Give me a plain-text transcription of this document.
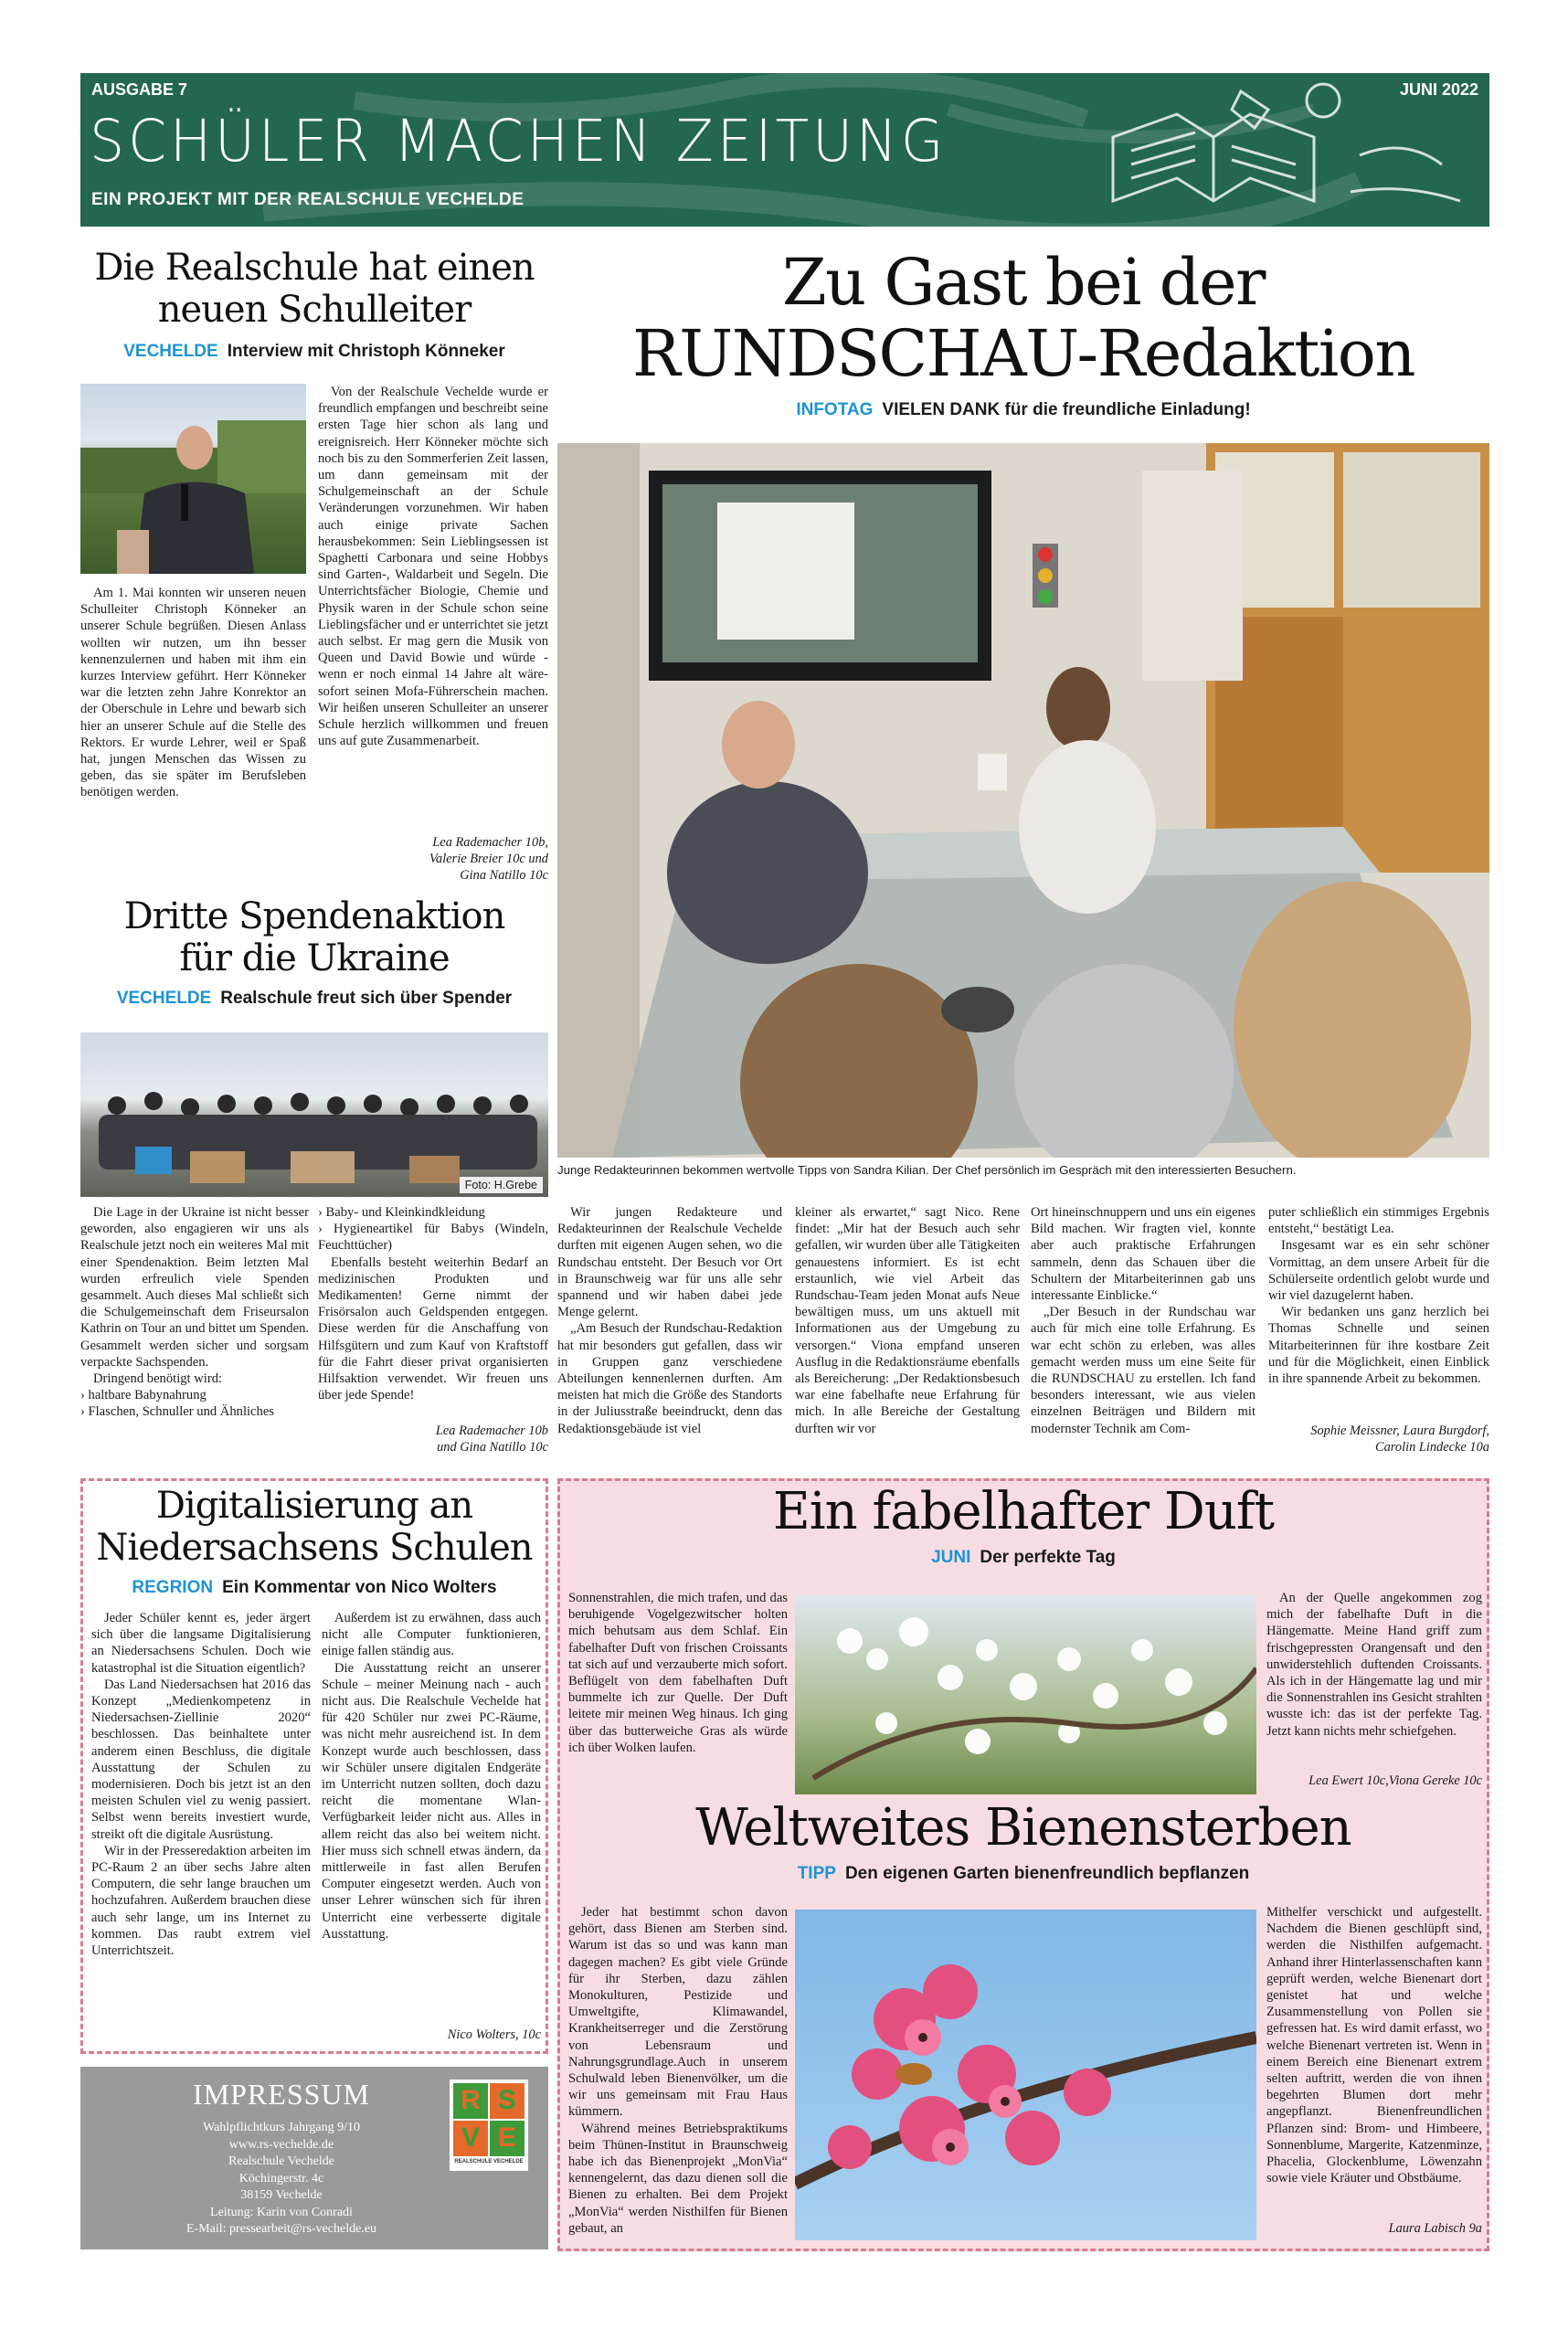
AUSGABE 7	JUNI 2022
SCHÜLER MACHEN ZEITUNG
EIN PROJEKT MIT DER REALSCHULE VECHELDE
Die Realschule hat einen
neuen Schulleiter
VECHELDE Interview mit Christoph Könneker

Am 1. Mai konnten wir unseren neuen Schulleiter Christoph Könneker an unserer Schule begrüßen. Diesen Anlass wollten wir nutzen, um ihn besser kennenzulernen und haben mit ihm ein kurzes Interview geführt. Herr Könneker war die letzten zehn Jahre Konrektor an der Oberschule in Lehre und bewarb sich hier an unserer Schule auf die Stelle des Rektors. Er wurde Lehrer, weil er Spaß hat, jungen Menschen das Wissen zu geben, das sie später im Berufsleben benötigen werden.

Von der Realschule Vechelde wurde er freundlich empfangen und beschreibt seine ersten Tage hier schon als lang und ereignisreich. Herr Könneker möchte sich noch bis zu den Sommerferien Zeit lassen, um dann gemeinsam mit der Schulgemeinschaft an der Schule Veränderungen vorzunehmen. Wir haben auch einige private Sachen herausbekommen: Sein Lieblingsessen ist Spaghetti Carbonara und seine Hobbys sind Garten-, Waldarbeit und Segeln. Die Unterrichtsfächer Biologie, Chemie und Physik waren in der Schule schon seine Lieblingsfächer und er unterrichtet sie jetzt auch selbst. Er mag gern die Musik von Queen und David Bowie und würde - wenn er noch einmal 14 Jahre alt wäre- sofort seinen Mofa-Führerschein machen. Wir heißen unseren Schulleiter an unserer Schule herzlich willkommen und freuen uns auf gute Zusammenarbeit.

Lea Rademacher 10b,
Valerie Breier 10c und
Gina Natillo 10c
Dritte Spendenaktion
für die Ukraine
VECHELDE Realschule freut sich über Spender
Foto: H.Grebe

Die Lage in der Ukraine ist nicht besser geworden, also engagieren wir uns als Realschule jetzt noch ein weiteres Mal mit einer Spendenaktion. Beim letzten Mal wurden erfreulich viele Spenden gesammelt. Auch dieses Mal schließt sich die Schulgemeinschaft dem Friseursalon Kathrin on Tour an und bittet um Spenden. Gesammelt werden sicher und sorgsam verpackte Sachspenden.

Dringend benötigt wird:

› haltbare Babynahrung
› Flaschen, Schnuller und Ähnliches
› Baby- und Kleinkindkleidung
› Hygieneartikel für Babys (Windeln, Feuchttücher)

Ebenfalls besteht weiterhin Bedarf an medizinischen Produkten und Medikamenten! Gerne nimmt der Frisörsalon auch Geldspenden entgegen. Diese werden für die Anschaffung von Hilfsgütern und zum Kauf von Kraftstoff für die Fahrt dieser privat organisierten Hilfsaktion verwendet. Wir freuen uns über jede Spende!

Lea Rademacher 10b
und Gina Natillo 10c
Zu Gast bei der
RUNDSCHAU-Redaktion
INFOTAG VIELEN DANK für die freundliche Einladung!
Junge Redakteurinnen bekommen wertvolle Tipps von Sandra Kilian. Der Chef persönlich im Gespräch mit den interessierten Besuchern.

Wir jungen Redakteure und Redakteurinnen der Realschule Vechelde durften mit eigenen Augen sehen, wo die Rundschau entsteht. Der Besuch vor Ort in Braunschweig war für uns alle sehr spannend und wir haben dabei jede Menge gelernt.

„Am Besuch der Rundschau-Redaktion hat mir besonders gut gefallen, dass wir in Gruppen ganz verschiedene Abteilungen kennenlernen durften. Am meisten hat mich die Größe des Standorts in der Juliusstraße beeindruckt, denn das Redaktionsgebäude ist viel

kleiner als erwartet,“ sagt Nico. Rene findet: „Mir hat der Besuch auch sehr gefallen, wir wurden über alle Tätigkeiten genauestens informiert. Es ist echt erstaunlich, wie viel Arbeit das Rundschau-Team jeden Monat aufs Neue bewältigen muss, um uns aktuell mit Informationen aus der Umgebung zu versorgen.“ Viona empfand unseren Ausflug in die Redaktionsräume ebenfalls als Bereicherung: „Der Redaktionsbesuch war eine fabelhafte neue Erfahrung für mich. In alle Bereiche der Gestaltung durften wir vor

Ort hineinschnuppern und uns ein eigenes Bild machen. Wir fragten viel, konnte aber auch praktische Erfahrungen sammeln, denn das Schauen über die Schultern der Mitarbeiterinnen gab uns interessante Einblicke.“

„Der Besuch in der Rundschau war auch für mich eine tolle Erfahrung. Es war echt schön zu erleben, was alles gemacht werden muss um eine Seite für die RUNDSCHAU zu erstellen. Ich fand besonders interessant, wie aus vielen einzelnen Beiträgen und Bildern mit modernster Technik am Com-

puter schließlich ein stimmiges Ergebnis entsteht,“ bestätigt Lea.

Insgesamt war es ein sehr schöner Vormittag, an dem unsere Arbeit für die Schülerseite ordentlich gelobt wurde und wir viel dazugelernt haben.

Wir bedanken uns ganz herzlich bei Thomas Schnelle und seinen Mitarbeiterinnen für ihre kostbare Zeit und für die Möglichkeit, einen Einblick in ihre spannende Arbeit zu bekommen.

Sophie Meissner, Laura Burgdorf,
Carolin Lindecke 10a
Digitalisierung an
Niedersachsens Schulen
REGRION Ein Kommentar von Nico Wolters

Jeder Schüler kennt es, jeder ärgert sich über die langsame Digitalisierung an Niedersachsens Schulen. Doch wie katastrophal ist die Situation eigentlich?

Das Land Niedersachsen hat 2016 das Konzept „Medienkompetenz in Niedersachsen-Ziellinie 2020“ beschlossen. Das beinhaltete unter anderem einen Beschluss, die digitale Ausstattung der Schulen zu modernisieren. Doch bis jetzt ist an den meisten Schulen viel zu wenig passiert. Selbst wenn bereits investiert wurde, streikt oft die digitale Ausrüstung.

Wir in der Presseredaktion arbeiten im PC-Raum 2 an über sechs Jahre alten Computern, die sehr lange brauchen um hochzufahren. Außerdem brauchen diese auch sehr lange, um ins Internet zu kommen. Das raubt extrem viel Unterrichtszeit.

Außerdem ist zu erwähnen, dass auch nicht alle Computer funktionieren, einige fallen ständig aus.

Die Ausstattung reicht an unserer Schule – meiner Meinung nach - auch nicht aus. Die Realschule Vechelde hat für 420 Schüler nur zwei PC-Räume, was nicht mehr ausreichend ist. In dem Konzept wurde auch beschlossen, dass wir Schüler unsere digitalen Endgeräte im Unterricht nutzen sollten, doch dazu reicht die momentane Wlan-Verfügbarkeit leider nicht aus. Alles in allem reicht das also bei weitem nicht. Hier muss sich schnell etwas ändern, da mittlerweile in fast allen Berufen Computer eingesetzt werden. Auch von unser Lehrer wünschen sich für ihren Unterricht eine verbesserte digitale Ausstattung.

Nico Wolters, 10c
IMPRESSUM
Wahlpflichtkurs Jahrgang 9/10
www.rs-vechelde.de
Realschule Vechelde
Köchingerstr. 4c
38159 Vechelde
Leitung: Karin von Conradi
E-Mail: pressearbeit@rs-vechelde.eu
R S
V E
REALSCHULE VECHELDE
Ein fabelhafter Duft
JUNI Der perfekte Tag

Sonnenstrahlen, die mich trafen, und das beruhigende Vogelgezwitscher holten mich behutsam aus dem Schlaf. Ein fabelhafter Duft von frischen Croissants tat sich auf und verzauberte mich sofort. Beflügelt von dem fabelhaften Duft bummelte ich zur Quelle. Der Duft leitete mir meinen Weg hinaus. Ich ging über das butterweiche Gras als würde ich über Wolken laufen.

An der Quelle angekommen zog mich der fabelhafte Duft in die Hängematte. Meine Hand griff zum frischgepressten Orangensaft und den unwiderstehlich duftenden Croissants. Als ich in der Hängematte lag und mir die Sonnenstrahlen ins Gesicht strahlten wusste ich: das ist der perfekte Tag. Jetzt kann nichts mehr schiefgehen.

Lea Ewert 10c,Viona Gereke 10c
Weltweites Bienensterben
TIPP Den eigenen Garten bienenfreundlich bepflanzen

Jeder hat bestimmt schon davon gehört, dass Bienen am Sterben sind. Warum ist das so und was kann man dagegen machen? Es gibt viele Gründe für ihr Sterben, dazu zählen Monokulturen, Pestizide und Umweltgifte, Klimawandel, Krankheitserreger und die Zerstörung von Lebensraum und Nahrungsgrundlage.Auch in unserem Schulwald leben Bienenvölker, um die wir uns gemeinsam mit Frau Haus kümmern.

Während meines Betriebspraktikums beim Thünen-Institut in Braunschweig habe ich das Bienenprojekt „MonVia“ kennengelernt, das dazu dienen soll die Bienen zu erhalten. Bei dem Projekt „MonVia“ werden Nisthilfen für Bienen gebaut, an

Mithelfer verschickt und aufgestellt. Nachdem die Bienen geschlüpft sind, werden die Nisthilfen aufgemacht. Anhand ihrer Hinterlassenschaften kann geprüft werden, welche Bienenart dort genistet hat und welche Zusammenstellung von Pollen sie gefressen hat. Es wird damit erfasst, wo welche Bienenart vertreten ist. Wenn in einem Bereich eine Bienenart extrem selten auftritt, werden die von ihnen begehrten Blumen dort mehr angepflanzt. Bienenfreundlichen Pflanzen sind: Brom- und Himbeere, Sonnenblume, Margerite, Katzenminze, Phacelia, Glockenblume, Löwenzahn sowie viele Kräuter und Obstbäume.

Laura Labisch 9a
